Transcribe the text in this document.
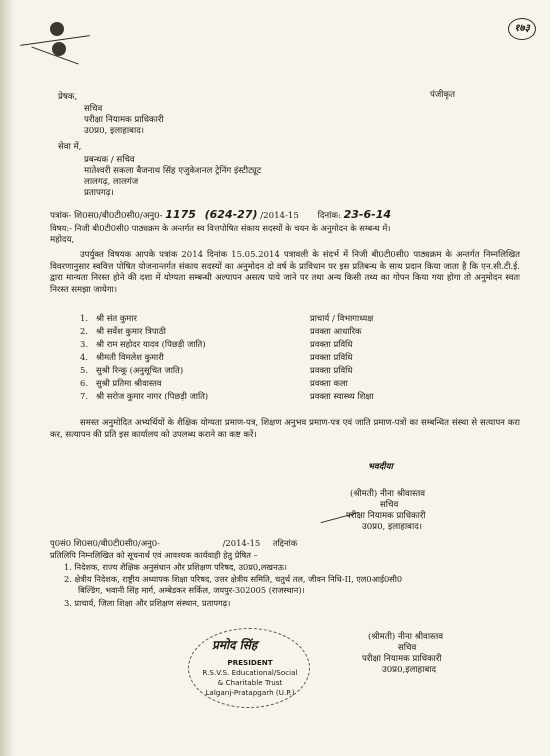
१७३
पंजीकृत
प्रेषक,
सचिव
परीक्षा नियामक प्राधिकारी
उ0प्र0, इलाहाबाद।
सेवा में,
प्रबन्धक / सचिव
मातेश्वरी सकला बैजनाथ सिंह एजुकेशनल ट्रेनिंग इंस्टीट्यूट
लालगढ़, लालगंज
प्रतापगढ़।
पत्रांक- शि0स0/बी0टी0सी0/अनु0- 1175 (624-27) /2014-15 दिनांक: 23-6-14
विषय:- निजी बी0टी0सी0 पाठ्यक्रम के अन्तर्गत स्व वित्तपोषित संकाय सदस्यों के चयन के अनुमोदन के सम्बन्ध में।
महोदय,
उपर्युक्त विषयक आपके पत्रांक 2014 दिनांक 15.05.2014 पत्रावली के संदर्भ में निजी बी0टी0सी0 पाठ्यक्रम के अन्तर्गत निम्नलिखित विवरणानुसार स्ववित्त पोषित योजनान्तर्गत संकाय सदस्यों का अनुमोदन दो वर्ष के प्राविधान पर इस प्रतिबन्ध के साथ प्रदान किया जाता है कि एन.सी.टी.ई. द्वारा मान्यता निरस्त होने की दशा में योग्यता सम्बन्धी अल्पापन असत्य पाये जाने पर तथा अन्य किसी तथ्य का गोपन किया गया होगा तो अनुमोदन स्वतः निरस्त समझा जायेगा।
1. श्री संत कुमार	प्राचार्य / विभागाध्यक्ष
2. श्री सर्वेश कुमार त्रिपाठी	प्रवक्ता आधारिक
3. श्री राम सहोदर यादव (पिछड़ी जाति)	प्रवक्ता प्रविधि
4. श्रीमती विमलेश कुमारी	प्रवक्ता प्रविधि
5. सुश्री रिन्कू (अनुसूचित जाति)	प्रवक्ता प्रविधि
6. सुश्री प्रतिमा श्रीवास्तव	प्रवक्ता कला
7. श्री सरोज कुमार नागर (पिछड़ी जाति)	प्रवक्ता स्वास्थ्य शिक्षा
समस्त अनुमोदित अभ्यर्थियों के शैक्षिक योग्यता प्रमाण-पत्र, शिक्षण अनुभव प्रमाण-पत्र एवं जाति प्रमाण-पत्रों का सम्बन्धित संस्था से सत्यापन करा कर, सत्यापन की प्रति इस कार्यालय को उपलब्ध कराने का कष्ट करें।
भवदीया
(श्रीमती) नीना श्रीवास्तव
सचिव
परीक्षा नियामक प्राधिकारी
उ0प्र0, इलाहाबाद।
पृ0सं0 शि0स0/बी0टी0सी0/अनु0-	/2014-15 तद्दिनांक
प्रतिलिपि निम्नलिखित को सूचनार्थ एवं आवश्यक कार्यवाही हेतु प्रेषित –
1. निदेशक, राज्य शैक्षिक अनुसंधान और प्रशिक्षण परिषद, उ0प्र0,लखनऊ।
2. क्षेत्रीय निदेशक, राष्ट्रीय अध्यापक शिक्षा परिषद, उत्तर क्षेत्रीय समिति, चतुर्थ तल, जीवन निधि-II, एल0आई0सी0
बिल्डिंग, भवानी सिंह मार्ग, अम्बेडकर सर्किल, जयपुर-302005 (राजस्थान)।
3. प्राचार्य, जिला शिक्षा और प्रशिक्षण संस्थान, प्रतापगढ़।
(श्रीमती) नीना श्रीवास्तव
सचिव
परीक्षा नियामक प्राधिकारी
उ0प्र0,इलाहाबाद
प्रमोद सिंह
PRESIDENT
R.S.V.S. Educational/Social
& Charitable Trust
Lalganj-Pratapgarh (U.P.)
